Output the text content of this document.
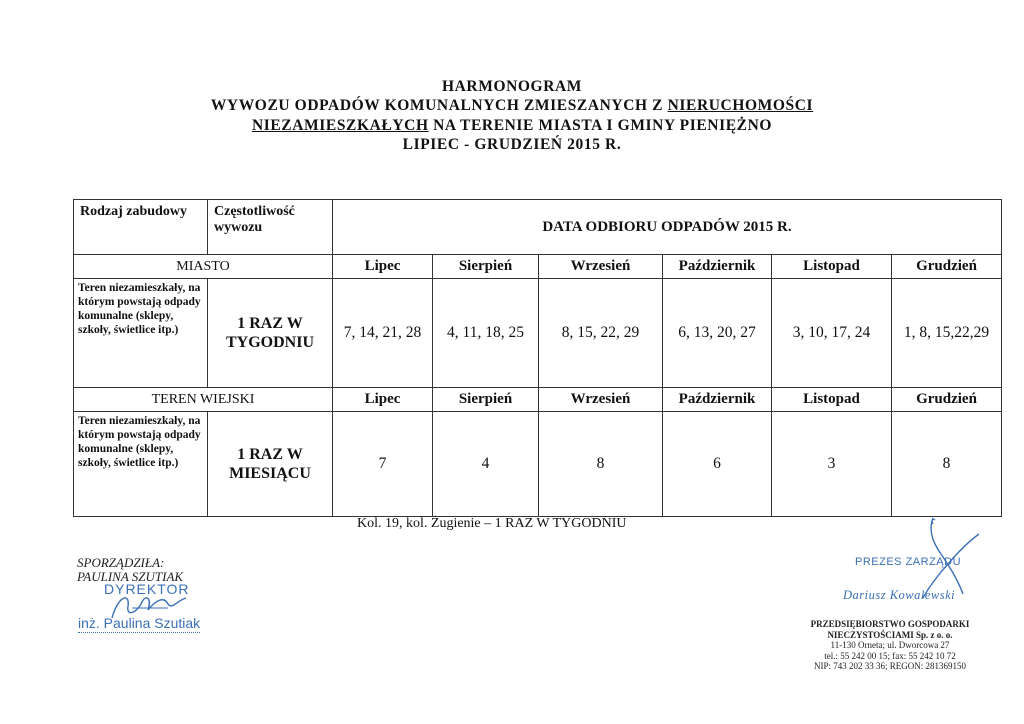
HARMONOGRAM
WYWOZU ODPADÓW KOMUNALNYCH ZMIESZANYCH Z NIERUCHOMOŚCI
NIEZAMIESZKAŁYCH NA TERENIE MIASTA I GMINY PIENIĘŻNO
LIPIEC - GRUDZIEŃ 2015 R.
Rodzaj zabudowy	Częstotliwość wywozu	DATA ODBIORU ODPADÓW 2015 R.					
MIASTO		Lipec	Sierpień	Wrzesień	Październik	Listopad	Grudzień
Teren niezamieszkały, na którym powstają odpady komunalne (sklepy, szkoły, świetlice itp.)	1 RAZ W TYGODNIU	7, 14, 21, 28	4, 11, 18, 25	8, 15, 22, 29	6, 13, 20, 27	3, 10, 17, 24	1, 8, 15,22,29
TEREN WIEJSKI		Lipec	Sierpień	Wrzesień	Październik	Listopad	Grudzień
Teren niezamieszkały, na którym powstają odpady komunalne (sklepy, szkoły, świetlice itp.)	1 RAZ W MIESIĄCU	7	4	8	6	3	8
Kol. 19, kol. Żugienie – 1 RAZ W TYGODNIU
SPORZĄDZIŁA:
PAULINA SZUTIAK
DYREKTOR
inż. Paulina Szutiak
PREZES ZARZĄDU
Dariusz Kowalewski
PRZEDSIĘBIORSTWO GOSPODARKI
NIECZYSTOŚCIAMI Sp. z o. o.
11-130 Orneta; ul. Dworcowa 27
tel.: 55 242 00 15; fax: 55 242 10 72
NIP: 743 202 33 36; REGON: 281369150
